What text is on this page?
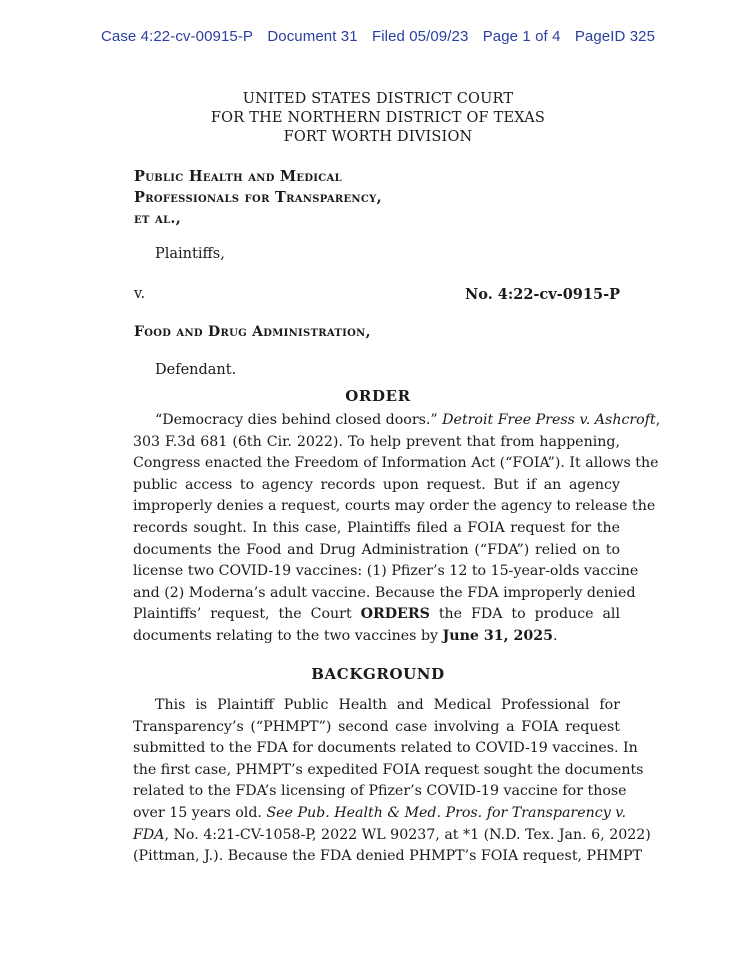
Case 4:22-cv-00915-P Document 31 Filed 05/09/23 Page 1 of 4 PageID 325
UNITED STATES DISTRICT COURT
FOR THE NORTHERN DISTRICT OF TEXAS
FORT WORTH DIVISION
Public Health and Medical
Professionals for Transparency,
et al.,
Plaintiffs,
v.	No. 4:22-cv-0915-P
Food and Drug Administration,
Defendant.
ORDER
“Democracy dies behind closed doors.” Detroit Free Press v. Ashcroft,
303 F.3d 681 (6th Cir. 2022). To help prevent that from happening,
Congress enacted the Freedom of Information Act (“FOIA”). It allows the
public access to agency records upon request. But if an agency
improperly denies a request, courts may order the agency to release the
records sought. In this case, Plaintiffs filed a FOIA request for the
documents the Food and Drug Administration (“FDA”) relied on to
license two COVID-19 vaccines: (1) Pfizer’s 12 to 15-year-olds vaccine
and (2) Moderna’s adult vaccine. Because the FDA improperly denied
Plaintiffs’ request, the Court ORDERS the FDA to produce all
documents relating to the two vaccines by June 31, 2025.
BACKGROUND
This is Plaintiff Public Health and Medical Professional for
Transparency’s (“PHMPT”) second case involving a FOIA request
submitted to the FDA for documents related to COVID-19 vaccines. In
the first case, PHMPT’s expedited FOIA request sought the documents
related to the FDA’s licensing of Pfizer’s COVID-19 vaccine for those
over 15 years old. See Pub. Health & Med. Pros. for Transparency v.
FDA, No. 4:21-CV-1058-P, 2022 WL 90237, at *1 (N.D. Tex. Jan. 6, 2022)
(Pittman, J.). Because the FDA denied PHMPT’s FOIA request, PHMPT
